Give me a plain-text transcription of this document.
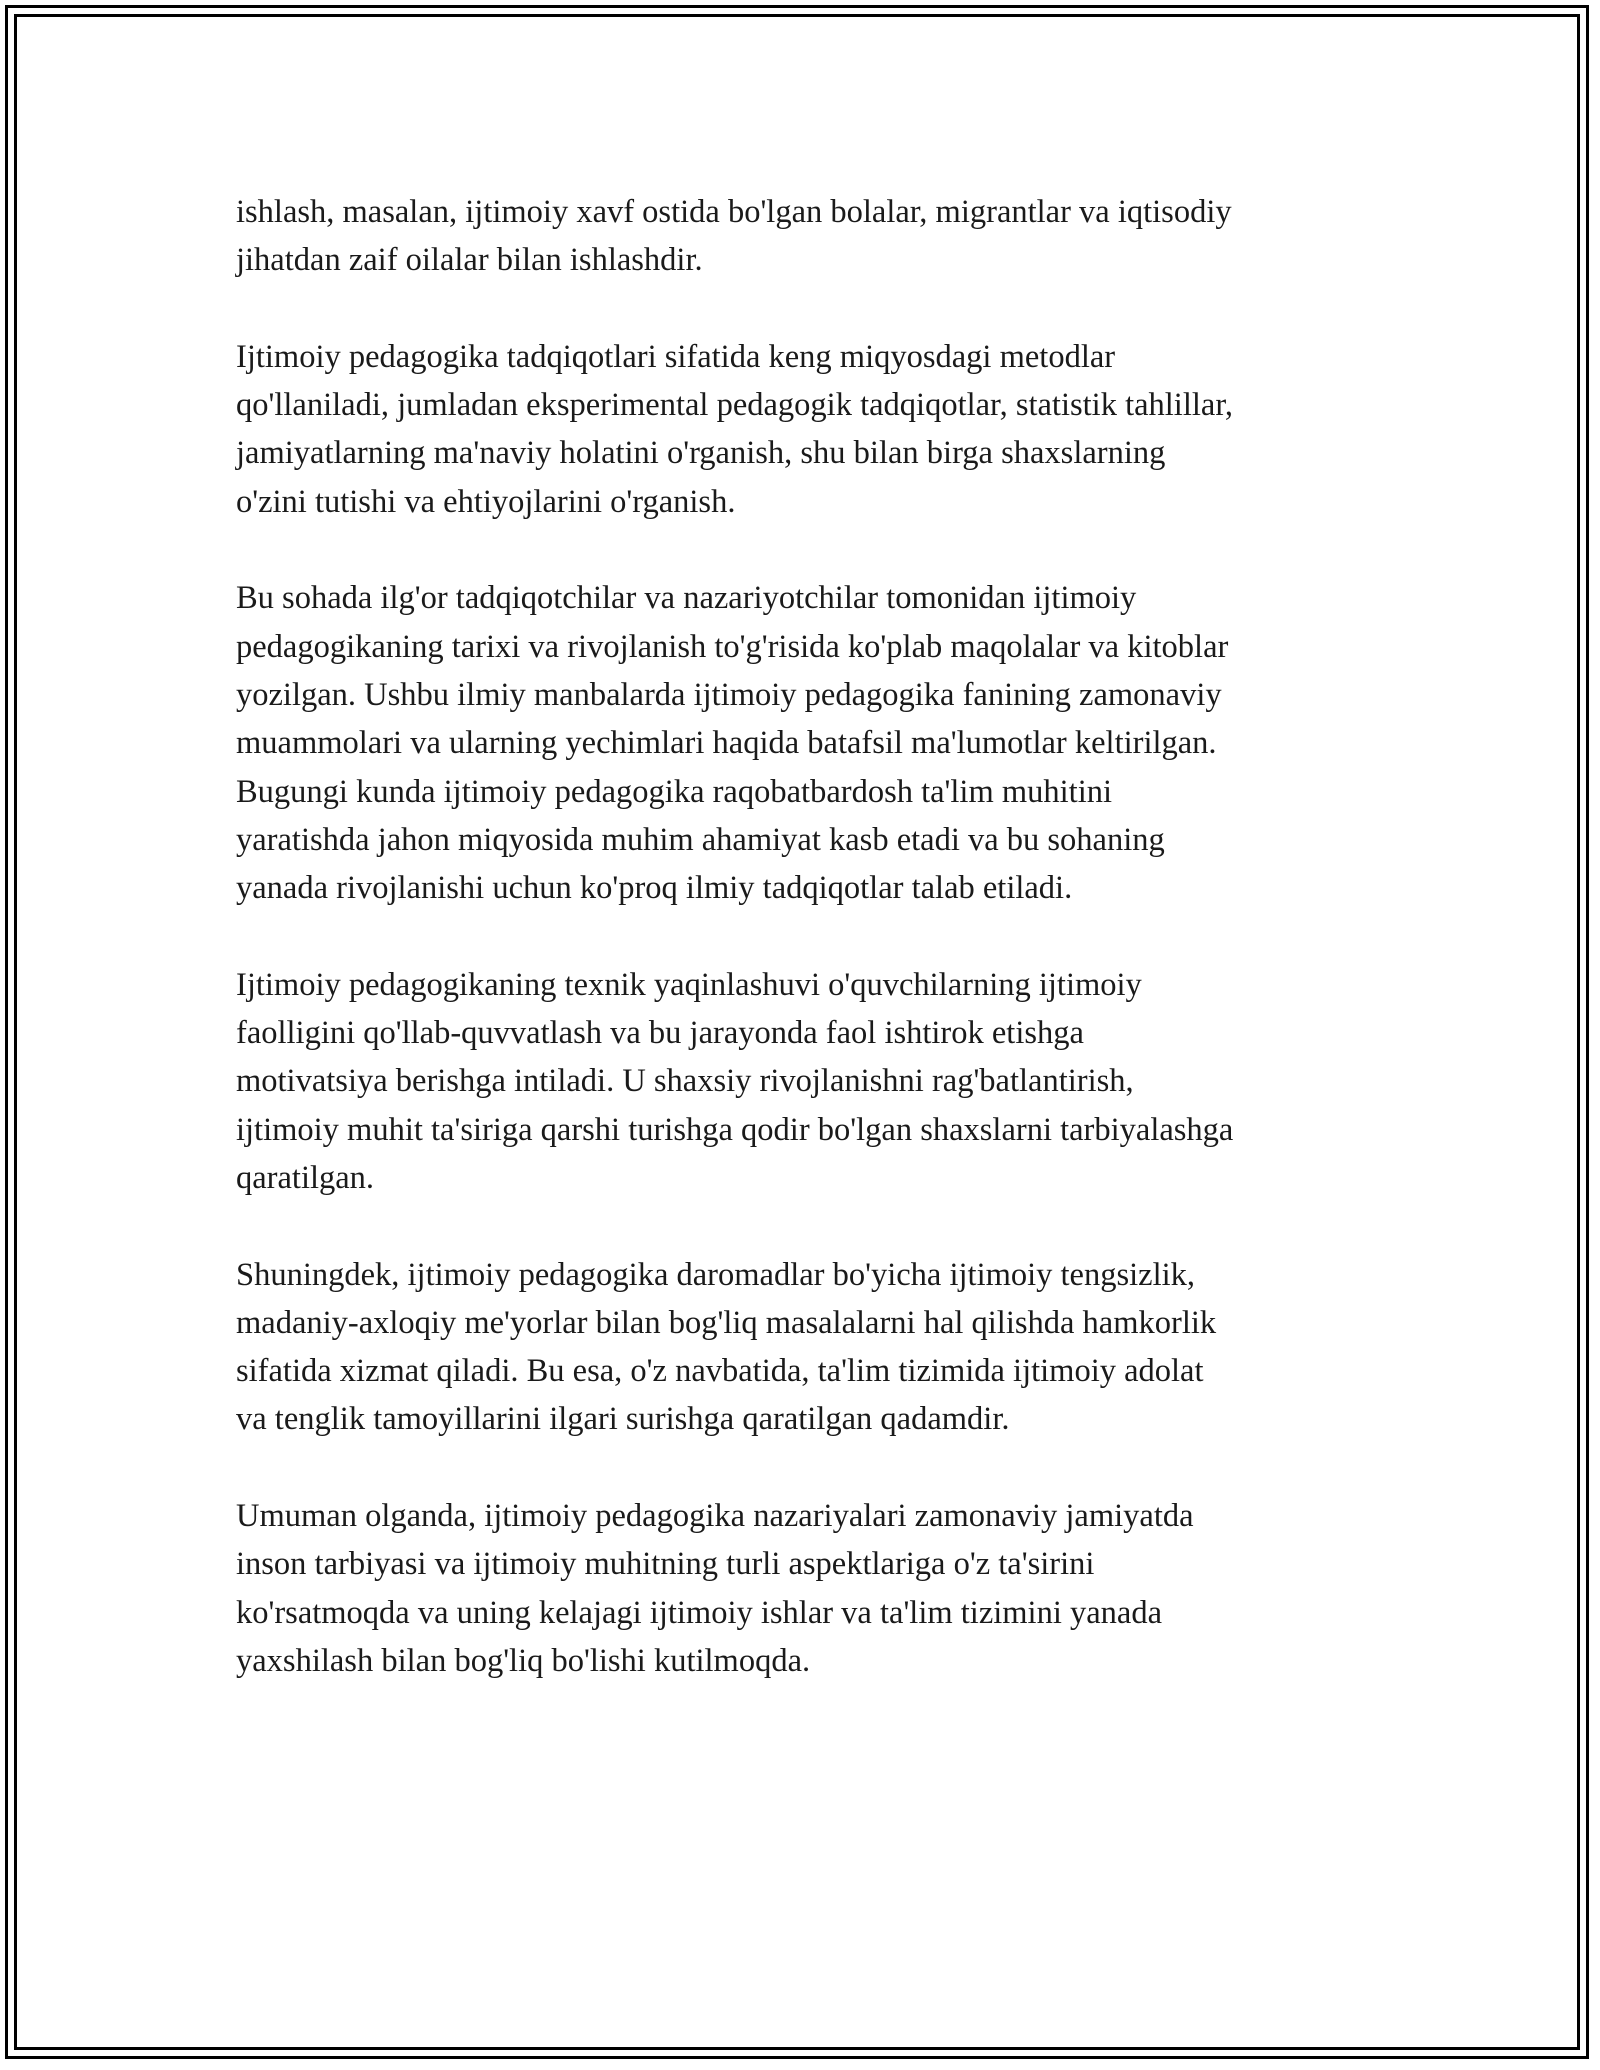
ishlash, masalan, ijtimoiy xavf ostida bo'lgan bolalar, migrantlar va iqtisodiy
jihatdan zaif oilalar bilan ishlashdir.

Ijtimoiy pedagogika tadqiqotlari sifatida keng miqyosdagi metodlar
qo'llaniladi, jumladan eksperimental pedagogik tadqiqotlar, statistik tahlillar,
jamiyatlarning ma'naviy holatini o'rganish, shu bilan birga shaxslarning
o'zini tutishi va ehtiyojlarini o'rganish.

Bu sohada ilg'or tadqiqotchilar va nazariyotchilar tomonidan ijtimoiy
pedagogikaning tarixi va rivojlanish to'g'risida ko'plab maqolalar va kitoblar
yozilgan. Ushbu ilmiy manbalarda ijtimoiy pedagogika fanining zamonaviy
muammolari va ularning yechimlari haqida batafsil ma'lumotlar keltirilgan.
Bugungi kunda ijtimoiy pedagogika raqobatbardosh ta'lim muhitini
yaratishda jahon miqyosida muhim ahamiyat kasb etadi va bu sohaning
yanada rivojlanishi uchun ko'proq ilmiy tadqiqotlar talab etiladi.

Ijtimoiy pedagogikaning texnik yaqinlashuvi o'quvchilarning ijtimoiy
faolligini qo'llab-quvvatlash va bu jarayonda faol ishtirok etishga
motivatsiya berishga intiladi. U shaxsiy rivojlanishni rag'batlantirish,
ijtimoiy muhit ta'siriga qarshi turishga qodir bo'lgan shaxslarni tarbiyalashga
qaratilgan.

Shuningdek, ijtimoiy pedagogika daromadlar bo'yicha ijtimoiy tengsizlik,
madaniy-axloqiy me'yorlar bilan bog'liq masalalarni hal qilishda hamkorlik
sifatida xizmat qiladi. Bu esa, o'z navbatida, ta'lim tizimida ijtimoiy adolat
va tenglik tamoyillarini ilgari surishga qaratilgan qadamdir.

Umuman olganda, ijtimoiy pedagogika nazariyalari zamonaviy jamiyatda
inson tarbiyasi va ijtimoiy muhitning turli aspektlariga o'z ta'sirini
ko'rsatmoqda va uning kelajagi ijtimoiy ishlar va ta'lim tizimini yanada
yaxshilash bilan bog'liq bo'lishi kutilmoqda.
